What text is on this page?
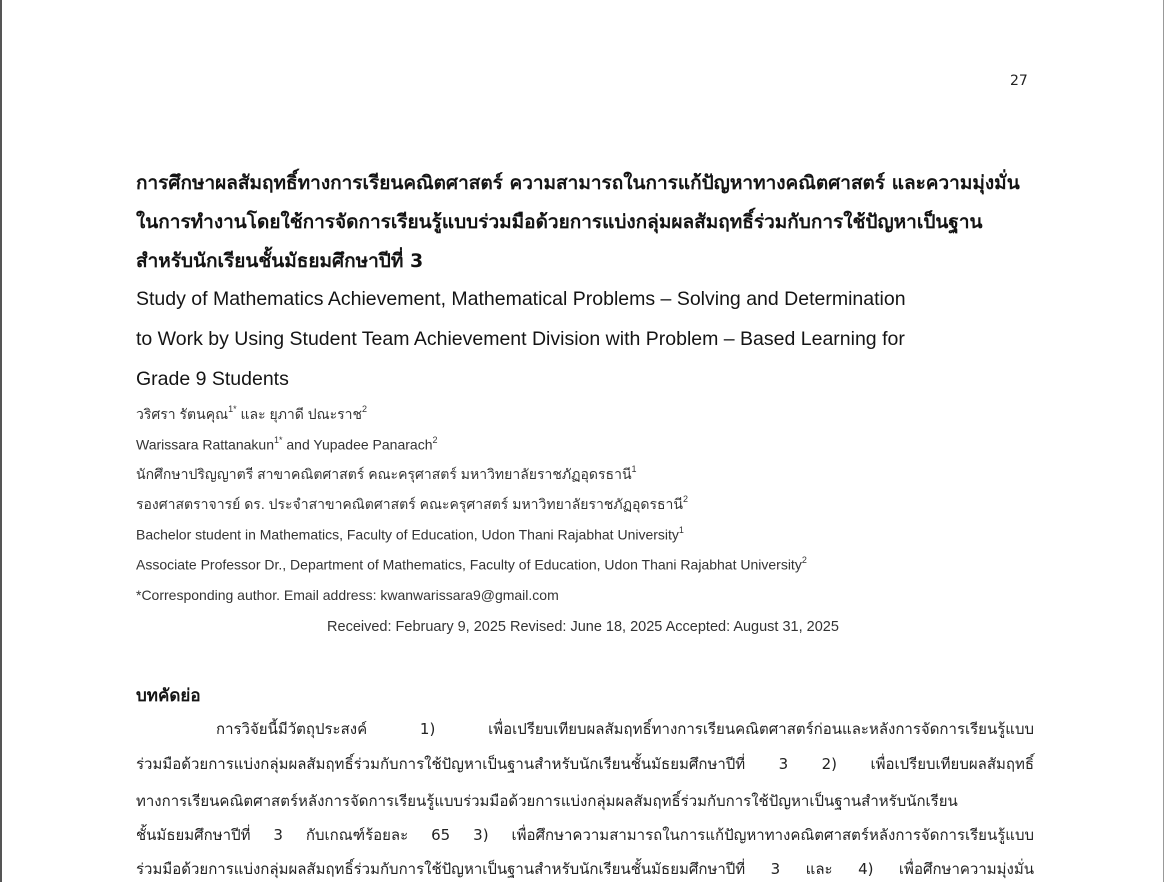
27
การศึกษาผลสัมฤทธิ์ทางการเรียนคณิตศาสตร์ ความสามารถในการแก้ปัญหาทางคณิตศาสตร์ และความมุ่งมั่น
ในการทำงานโดยใช้การจัดการเรียนรู้แบบร่วมมือด้วยการแบ่งกลุ่มผลสัมฤทธิ์ร่วมกับการใช้ปัญหาเป็นฐาน
สำหรับนักเรียนชั้นมัธยมศึกษาปีที่ 3
Study of Mathematics Achievement, Mathematical Problems – Solving and Determination
to Work by Using Student Team Achievement Division with Problem – Based Learning for
Grade 9 Students
วริศรา รัตนคุณ$^{1*}$ และ ยุภาดี ปณะราช$^2$
Warissara Rattanakun$^{1*}$ and Yupadee Panarach$^2$
นักศึกษาปริญญาตรี สาขาคณิตศาสตร์ คณะครุศาสตร์ มหาวิทยาลัยราชภัฏอุดรธานี$^1$
รองศาสตราจารย์ ดร. ประจำสาขาคณิตศาสตร์ คณะครุศาสตร์ มหาวิทยาลัยราชภัฏอุดรธานี$^2$
Bachelor student in Mathematics, Faculty of Education, Udon Thani Rajabhat University$^1$
Associate Professor Dr., Department of Mathematics, Faculty of Education, Udon Thani Rajabhat University$^2$
*Corresponding author. Email address: kwanwarissara9@gmail.com
Received: February 9, 2025 Revised: June 18, 2025 Accepted: August 31, 2025
บทคัดย่อ
การวิจัยนี้มีวัตถุประสงค์ 1) เพื่อเปรียบเทียบผลสัมฤทธิ์ทางการเรียนคณิตศาสตร์ก่อนและหลังการจัดการเรียนรู้แบบ
ร่วมมือด้วยการแบ่งกลุ่มผลสัมฤทธิ์ร่วมกับการใช้ปัญหาเป็นฐานสำหรับนักเรียนชั้นมัธยมศึกษาปีที่ 3 2) เพื่อเปรียบเทียบผลสัมฤทธิ์
ทางการเรียนคณิตศาสตร์หลังการจัดการเรียนรู้แบบร่วมมือด้วยการแบ่งกลุ่มผลสัมฤทธิ์ร่วมกับการใช้ปัญหาเป็นฐานสำหรับนักเรียน
ชั้นมัธยมศึกษาปีที่ 3 กับเกณฑ์ร้อยละ 65 3) เพื่อศึกษาความสามารถในการแก้ปัญหาทางคณิตศาสตร์หลังการจัดการเรียนรู้แบบ
ร่วมมือด้วยการแบ่งกลุ่มผลสัมฤทธิ์ร่วมกับการใช้ปัญหาเป็นฐานสำหรับนักเรียนชั้นมัธยมศึกษาปีที่ 3 และ 4) เพื่อศึกษาความมุ่งมั่น
